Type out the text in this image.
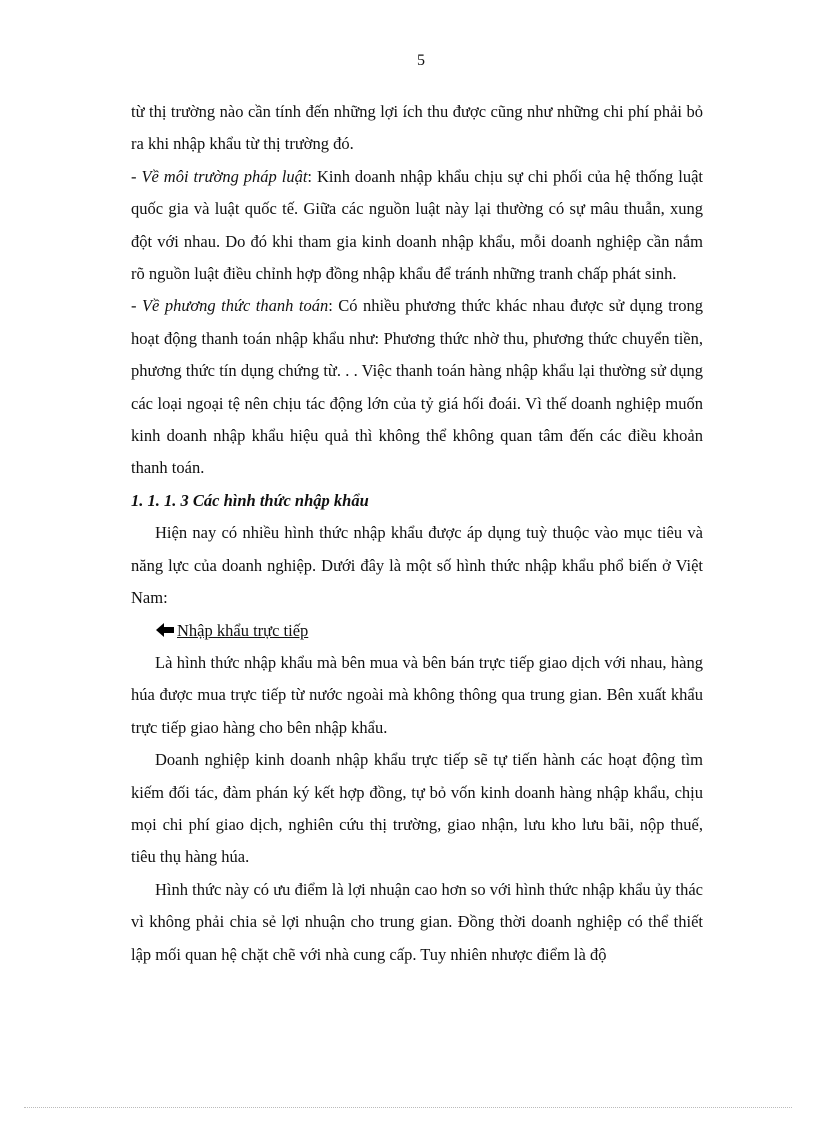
5

từ thị trường nào cần tính đến những lợi ích thu được cũng như những chi phí phải bỏ ra khi nhập khẩu từ thị trường đó.

- Về môi trường pháp luật: Kinh doanh nhập khẩu chịu sự chi phối của hệ thống luật quốc gia và luật quốc tế. Giữa các nguồn luật này lại thường có sự mâu thuẫn, xung đột với nhau. Do đó khi tham gia kinh doanh nhập khẩu, mỗi doanh nghiệp cần nắm rõ nguồn luật điều chỉnh hợp đồng nhập khẩu để tránh những tranh chấp phát sinh.

- Về phương thức thanh toán: Có nhiều phương thức khác nhau được sử dụng trong hoạt động thanh toán nhập khẩu như: Phương thức nhờ thu, phương thức chuyển tiền, phương thức tín dụng chứng từ. . . Việc thanh toán hàng nhập khẩu lại thường sử dụng các loại ngoại tệ nên chịu tác động lớn của tỷ giá hối đoái. Vì thế doanh nghiệp muốn kinh doanh nhập khẩu hiệu quả thì không thể không quan tâm đến các điều khoản thanh toán.

1. 1. 1. 3 Các hình thức nhập khẩu

Hiện nay có nhiều hình thức nhập khẩu được áp dụng tuỳ thuộc vào mục tiêu và năng lực của doanh nghiệp. Dưới đây là một số hình thức nhập khẩu phổ biến ở Việt Nam:

Nhập khẩu trực tiếp

Là hình thức nhập khẩu mà bên mua và bên bán trực tiếp giao dịch với nhau, hàng húa được mua trực tiếp từ nước ngoài mà không thông qua trung gian. Bên xuất khẩu trực tiếp giao hàng cho bên nhập khẩu.

Doanh nghiệp kinh doanh nhập khẩu trực tiếp sẽ tự tiến hành các hoạt động tìm kiếm đối tác, đàm phán ký kết hợp đồng, tự bỏ vốn kinh doanh hàng nhập khẩu, chịu mọi chi phí giao dịch, nghiên cứu thị trường, giao nhận, lưu kho lưu bãi, nộp thuế, tiêu thụ hàng húa.

Hình thức này có ưu điểm là lợi nhuận cao hơn so với hình thức nhập khẩu ủy thác vì không phải chia sẻ lợi nhuận cho trung gian. Đồng thời doanh nghiệp có thể thiết lập mối quan hệ chặt chẽ với nhà cung cấp. Tuy nhiên nhược điểm là độ
